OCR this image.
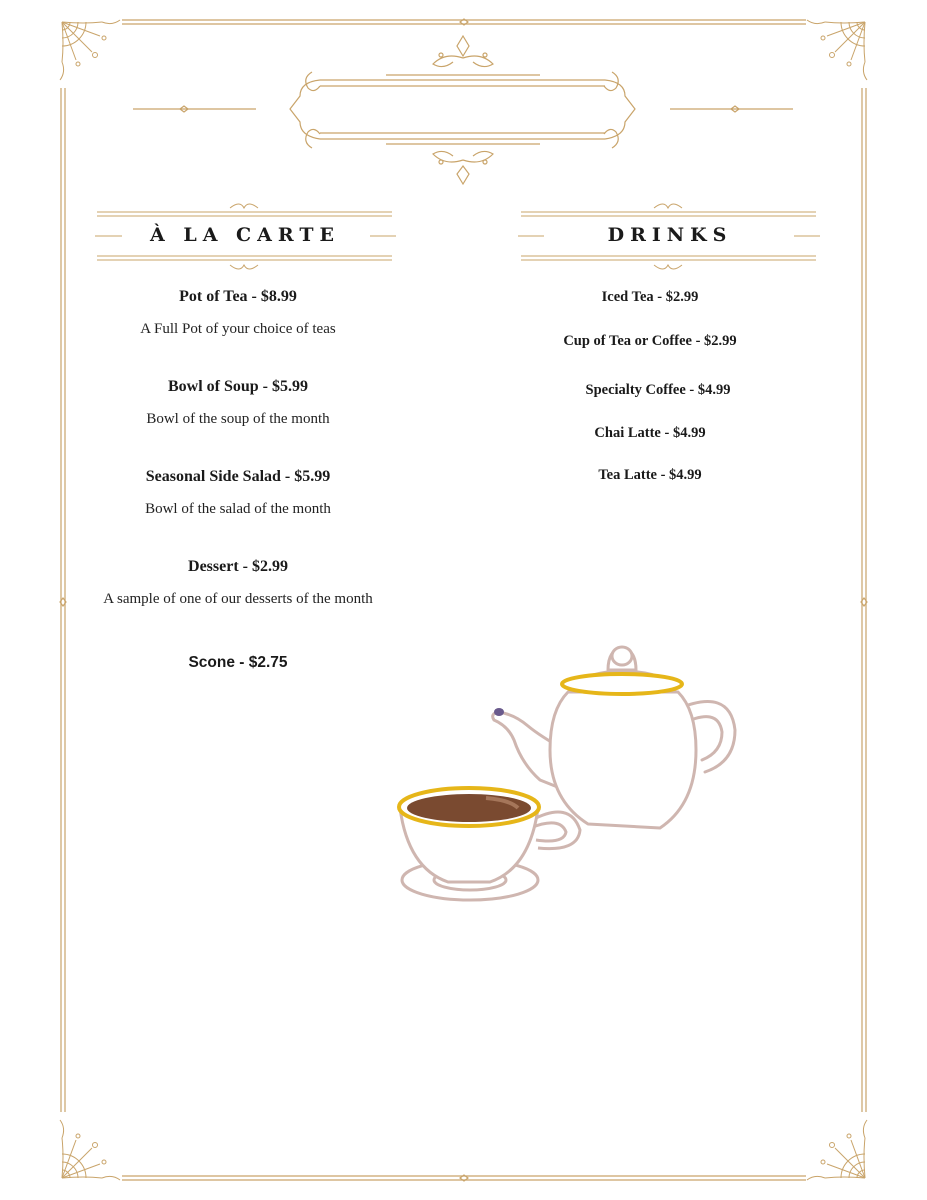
À LA CARTE	DRINKS
Pot of Tea - $8.99
A Full Pot of your choice of teas
Bowl of Soup - $5.99
Bowl of the soup of the month
Seasonal Side Salad - $5.99
Bowl of the salad of the month
Dessert - $2.99
A sample of one of our desserts of the month
Scone - $2.75
Iced Tea - $2.99
Cup of Tea or Coffee - $2.99
Specialty Coffee - $4.99
Chai Latte - $4.99
Tea Latte - $4.99
